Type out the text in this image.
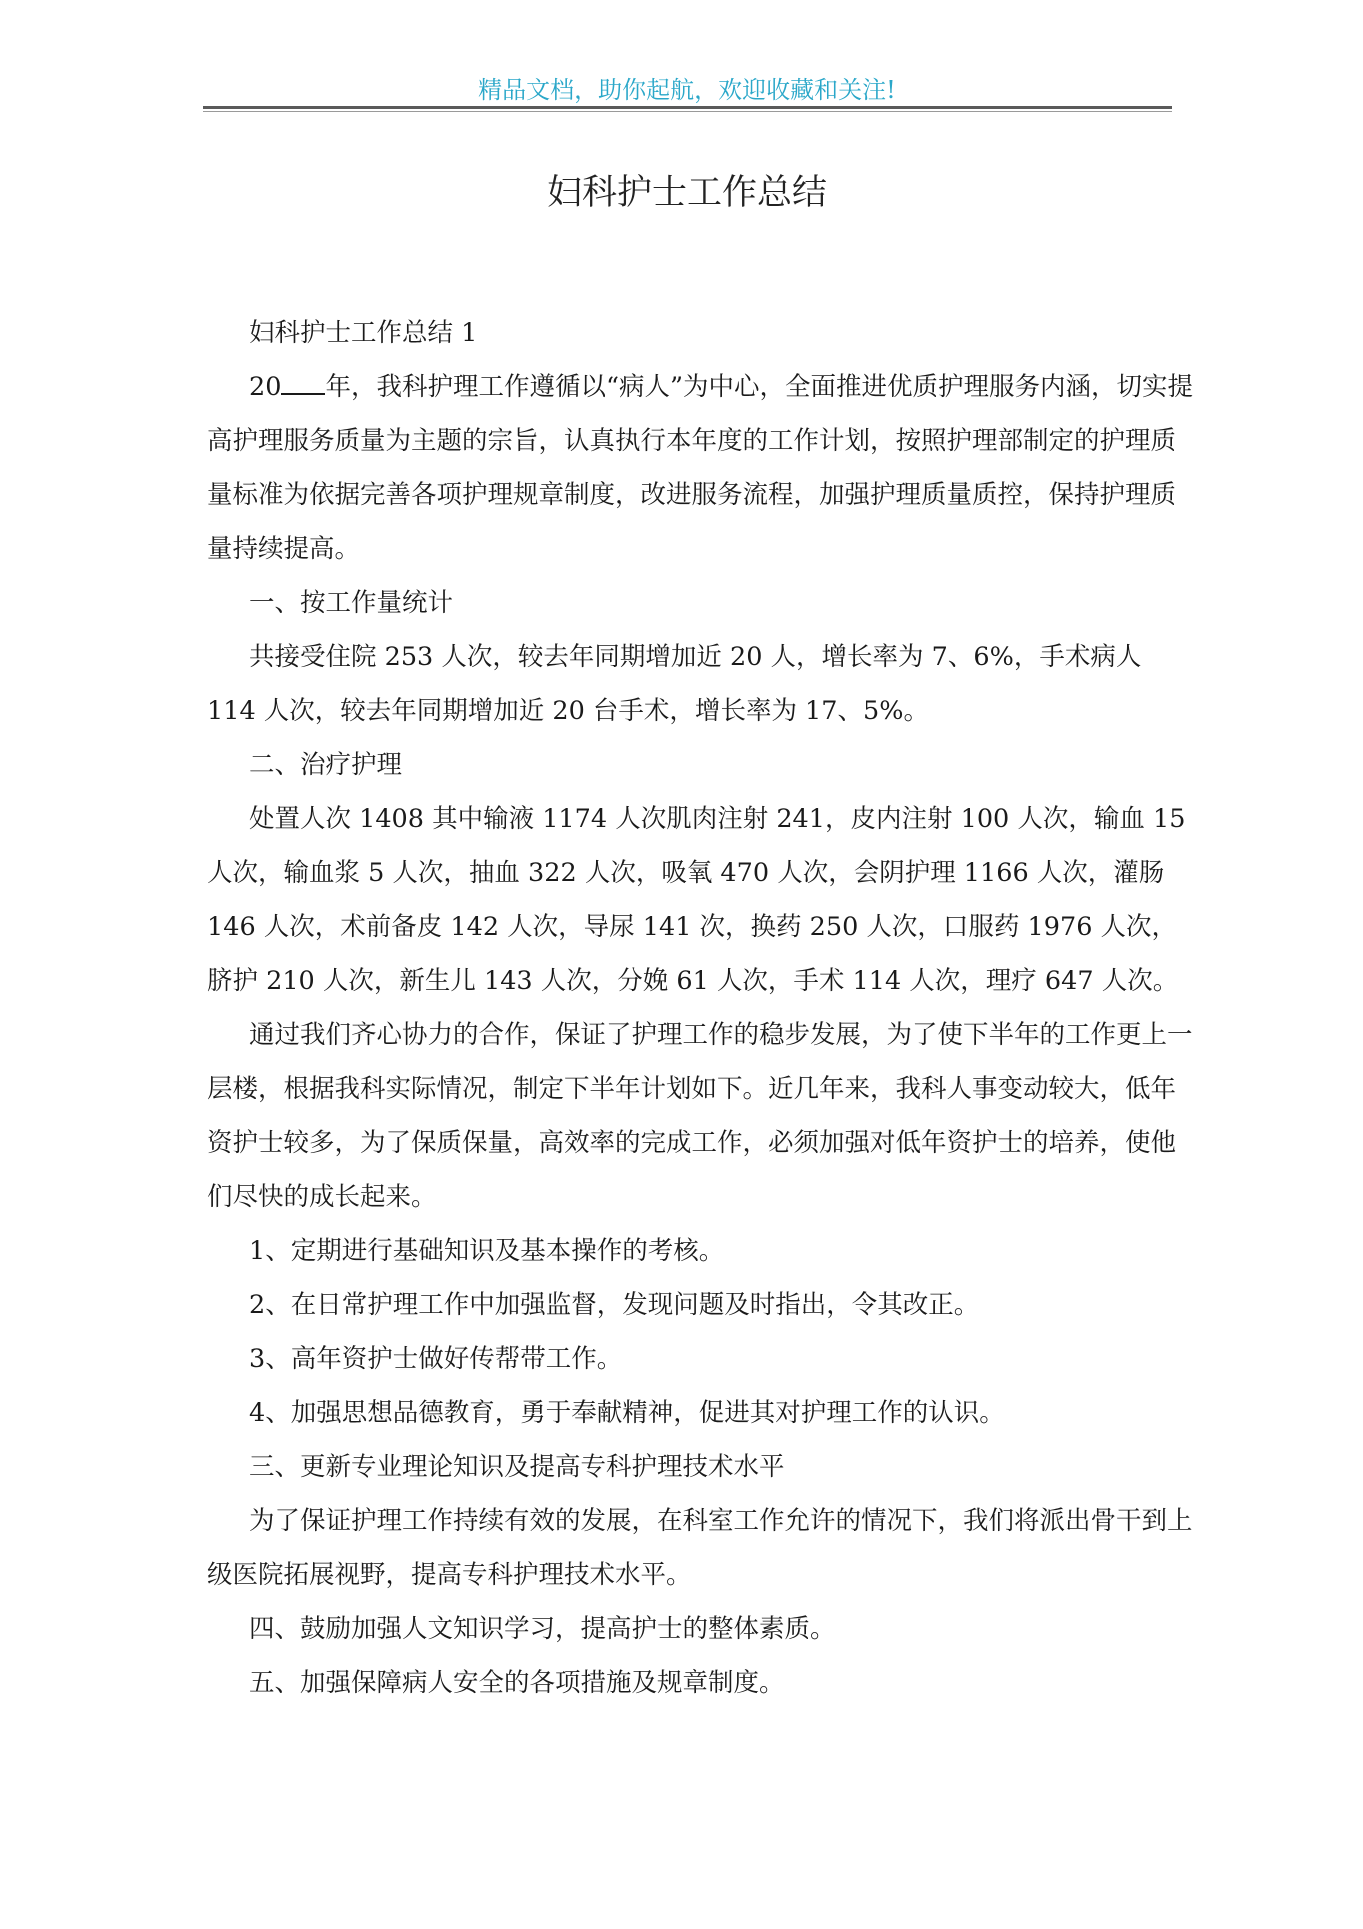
精品文档，助你起航，欢迎收藏和关注!
妇科护士工作总结

妇科护士工作总结 1

20 年，我科护理工作遵循以“病人”为中心，全面推进优质护理服务内涵，切实提高护理服务质量为主题的宗旨，认真执行本年度的工作计划，按照护理部制定的护理质量标准为依据完善各项护理规章制度，改进服务流程，加强护理质量质控，保持护理质量持续提高。

一、按工作量统计

共接受住院 253 人次，较去年同期增加近 20 人，增长率为 7、6%，手术病人 114 人次，较去年同期增加近 20 台手术，增长率为 17、5%。

二、治疗护理

处置人次 1408 其中输液 1174 人次肌肉注射 241，皮内注射 100 人次，输血 15 人次，输血浆 5 人次，抽血 322 人次，吸氧 470 人次，会阴护理 1166 人次，灌肠 146 人次，术前备皮 142 人次，导尿 141 次，换药 250 人次，口服药 1976 人次，脐护 210 人次，新生儿 143 人次，分娩 61 人次，手术 114 人次，理疗 647 人次。

通过我们齐心协力的合作，保证了护理工作的稳步发展，为了使下半年的工作更上一层楼，根据我科实际情况，制定下半年计划如下。近几年来，我科人事变动较大，低年资护士较多，为了保质保量，高效率的完成工作，必须加强对低年资护士的培养，使他们尽快的成长起来。

1、定期进行基础知识及基本操作的考核。

2、在日常护理工作中加强监督，发现问题及时指出，令其改正。

3、高年资护士做好传帮带工作。

4、加强思想品德教育，勇于奉献精神，促进其对护理工作的认识。

三、更新专业理论知识及提高专科护理技术水平

为了保证护理工作持续有效的发展，在科室工作允许的情况下，我们将派出骨干到上级医院拓展视野，提高专科护理技术水平。

四、鼓励加强人文知识学习，提高护士的整体素质。

五、加强保障病人安全的各项措施及规章制度。
